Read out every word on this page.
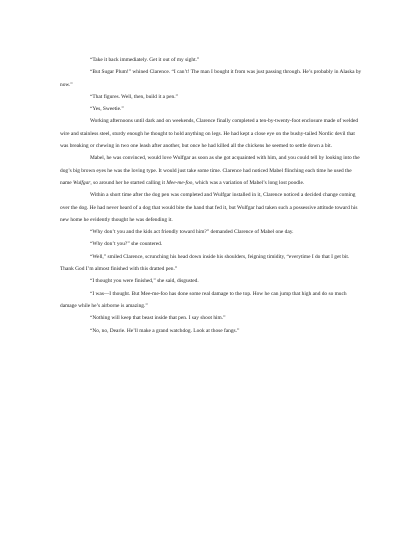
“Take it back immediately. Get it out of my sight.”

“But Sugar Plum!” whined Clarence. “I can’t! The man I bought it from was just passing through. He’s probably in Alaska by now.”

“That figures. Well, then, build it a pen.”

“Yes, Sweetie.”

Working afternoons until dark and on weekends, Clarence finally completed a ten-by-twenty-foot enclosure made of welded wire and stainless steel, sturdy enough he thought to hold anything on legs. He had kept a close eye on the bushy-tailed Nordic devil that was breaking or chewing in two one leash after another, but once he had killed all the chickens he seemed to settle down a bit.

Mabel, he was convinced, would love Wulfgar as soon as she got acquainted with him, and you could tell by looking into the dog’s big brown eyes he was the loving type. It would just take some time. Clarence had noticed Mabel flinching each time he used the name Wulfgar, so around her he started calling it Mee-me-foo, which was a variation of Mabel’s long lost poodle.

Within a short time after the dog pen was completed and Wulfgar installed in it, Clarence noticed a decided change coming over the dog. He had never heard of a dog that would bite the hand that fed it, but Wulfgar had taken such a possessive attitude toward his new home he evidently thought he was defending it.

“Why don’t you and the kids act friendly toward him?” demanded Clarence of Mabel one day.

“Why don’t you?” she countered.

“Well,” smiled Clarence, scrunching his head down inside his shoulders, feigning timidity, “everytime I do that I get bit. Thank God I’m almost finished with this dratted pen.”

“I thought you were finished,” she said, disgusted.

“I was—I thought. But Mee-me-foo has done some real damage to the top. How he can jump that high and do so much damage while he’s airborne is amazing.”

“Nothing will keep that beast inside that pen. I say shoot him.”

“No, no, Dearie. He’ll make a grand watchdog. Look at those fangs.”
